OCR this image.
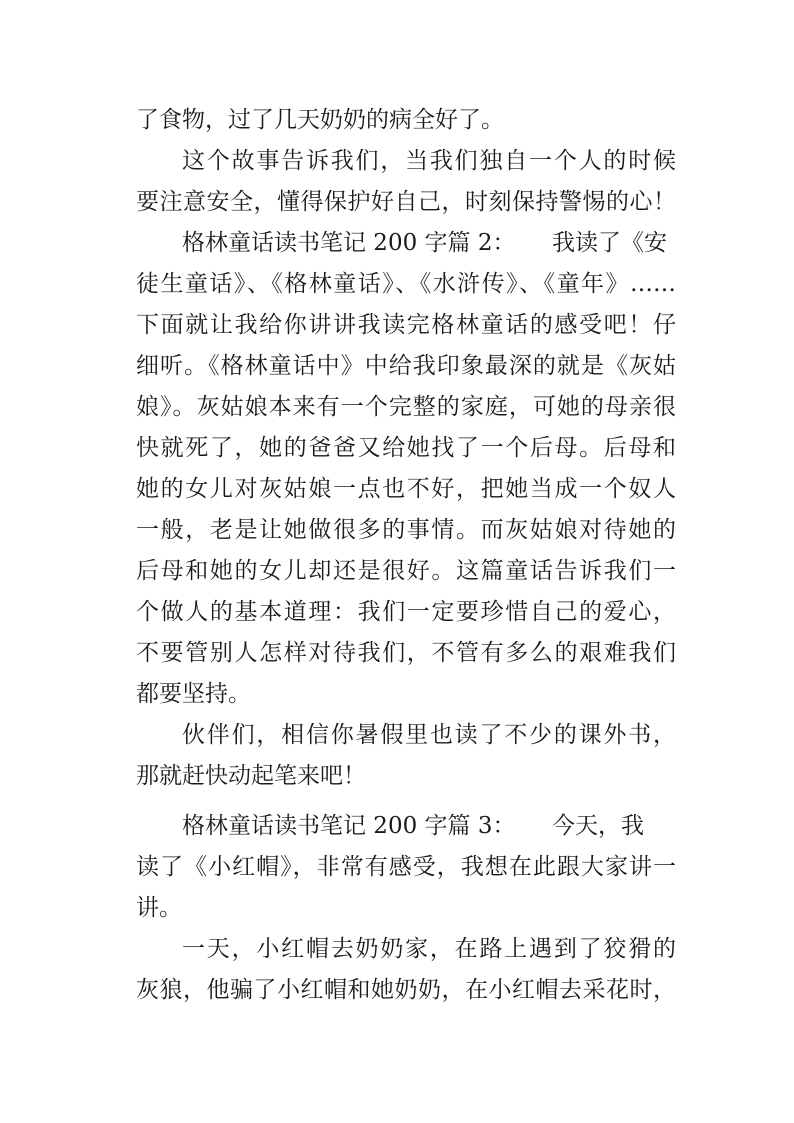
了食物，过了几天奶奶的病全好了。
这个故事告诉我们，当我们独自一个人的时候
要注意安全，懂得保护好自己，时刻保持警惕的心！
格林童话读书笔记 200 字篇 2：     我读了《安
徒生童话》、《格林童话》、《水浒传》、《童年》……
下面就让我给你讲讲我读完格林童话的感受吧！仔
细听。《格林童话中》中给我印象最深的就是《灰姑
娘》。灰姑娘本来有一个完整的家庭，可她的母亲很
快就死了，她的爸爸又给她找了一个后母。后母和
她的女儿对灰姑娘一点也不好，把她当成一个奴人
一般，老是让她做很多的事情。而灰姑娘对待她的
后母和她的女儿却还是很好。这篇童话告诉我们一
个做人的基本道理：我们一定要珍惜自己的爱心，
不要管别人怎样对待我们，不管有多么的艰难我们
都要坚持。
伙伴们，相信你暑假里也读了不少的课外书，
那就赶快动起笔来吧！
格林童话读书笔记 200 字篇 3：     今天，我
读了《小红帽》，非常有感受，我想在此跟大家讲一
讲。
一天，小红帽去奶奶家，在路上遇到了狡猾的
灰狼，他骗了小红帽和她奶奶，在小红帽去采花时，
